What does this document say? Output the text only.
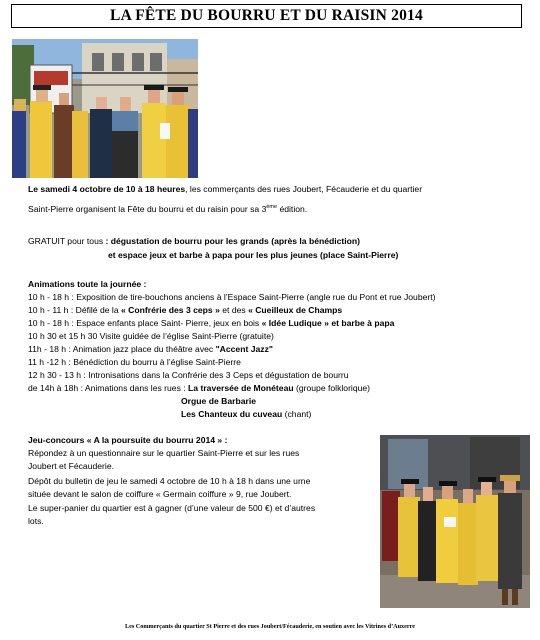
LA FÊTE DU BOURRU ET DU RAISIN 2014
Le samedi 4 octobre de 10 à 18 heures, les commerçants des rues Joubert, Fécauderie et du quartier
Saint-Pierre organisent la Fête du bourru et du raisin pour sa 3ème édition.
GRATUIT pour tous : dégustation de bourru pour les grands (après la bénédiction)
et espace jeux et barbe à papa pour les plus jeunes (place Saint-Pierre)
Animations toute la journée :
10 h - 18 h : Exposition de tire-bouchons anciens à l’Espace Saint-Pierre (angle rue du Pont et rue Joubert)
10 h - 11 h : Défilé de la « Confrérie des 3 ceps » et des « Cueilleux de Champs
10 h - 18 h : Espace enfants place Saint- Pierre, jeux en bois « Idée Ludique » et barbe à papa
10 h 30 et 15 h 30 Visite guidée de l’église Saint-Pierre (gratuite)
11h - 18 h : Animation jazz place du théâtre avec "Accent Jazz"
11 h -12 h : Bénédiction du bourru à l’église Saint-Pierre
12 h 30 - 13 h : Intronisations dans la Confrérie des 3 Ceps et dégustation de bourru
de 14h à 18h : Animations dans les rues : La traversée de Monéteau (groupe folklorique)
Orgue de Barbarie
Les Chanteux du cuveau (chant)
Jeu-concours « A la poursuite du bourru 2014 » :
Répondez à un questionnaire sur le quartier Saint-Pierre et sur les rues
Joubert et Fécauderie.
Dépôt du bulletin de jeu le samedi 4 octobre de 10 h à 18 h dans une urne
située devant le salon de coiffure « Germain coiffure » 9, rue Joubert.
Le super-panier du quartier est à gagner (d’une valeur de 500 €) et d’autres
lots.
Les Commerçants du quartier St Pierre et des rues Joubert/Fécauderie, en soutien avec les Vitrines d’Auxerre
